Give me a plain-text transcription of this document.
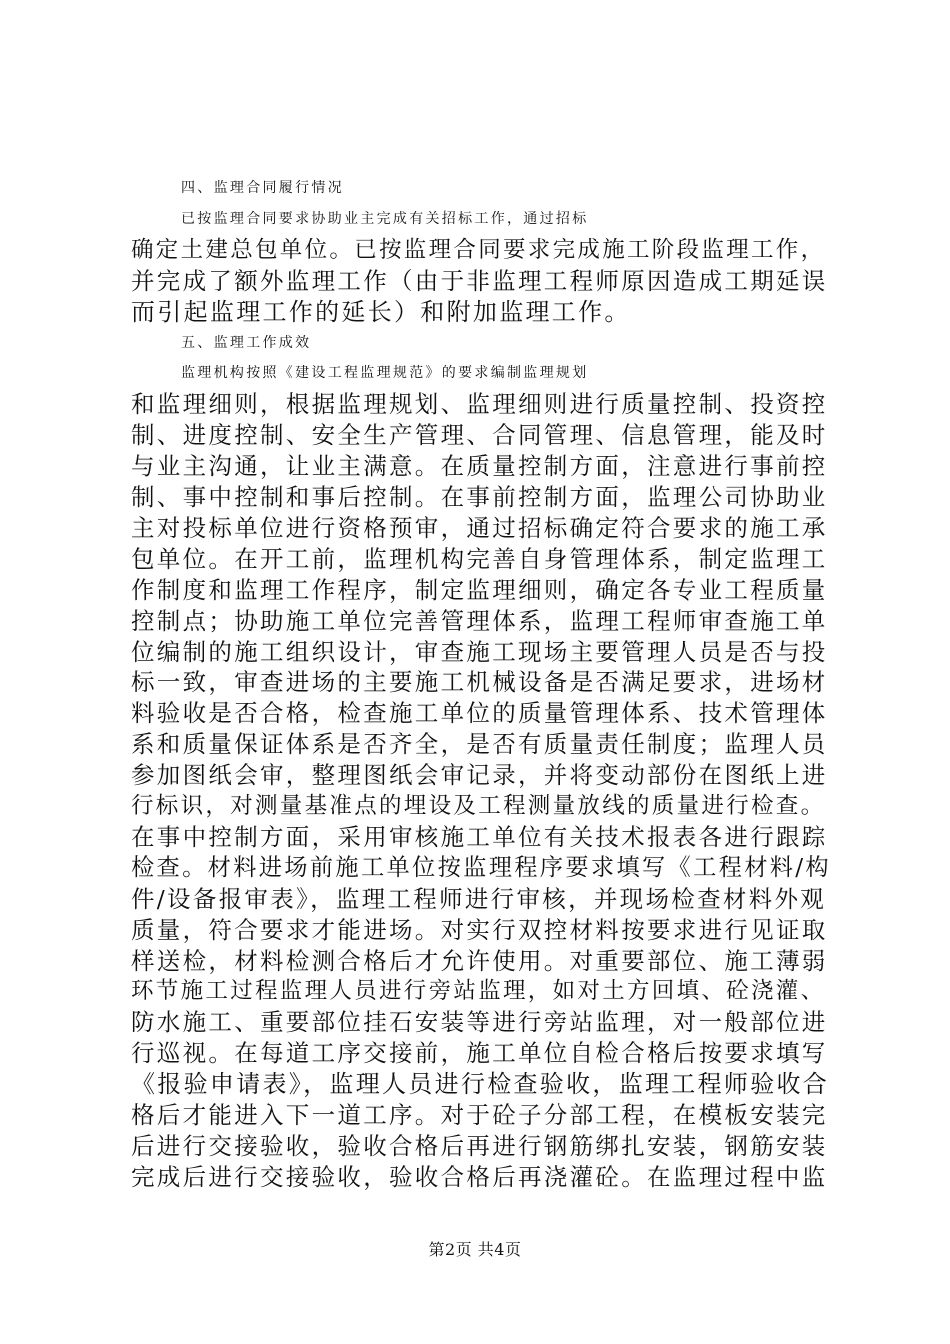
四、监理合同履行情况
已按监理合同要求协助业主完成有关招标工作，通过招标
确定土建总包单位。已按监理合同要求完成施工阶段监理工作，
并完成了额外监理工作（由于非监理工程师原因造成工期延误
而引起监理工作的延长）和附加监理工作。
五、监理工作成效
监理机构按照《建设工程监理规范》的要求编制监理规划
和监理细则，根据监理规划、监理细则进行质量控制、投资控
制、进度控制、安全生产管理、合同管理、信息管理，能及时
与业主沟通，让业主满意。在质量控制方面，注意进行事前控
制、事中控制和事后控制。在事前控制方面，监理公司协助业
主对投标单位进行资格预审，通过招标确定符合要求的施工承
包单位。在开工前，监理机构完善自身管理体系，制定监理工
作制度和监理工作程序，制定监理细则，确定各专业工程质量
控制点；协助施工单位完善管理体系，监理工程师审查施工单
位编制的施工组织设计，审查施工现场主要管理人员是否与投
标一致，审查进场的主要施工机械设备是否满足要求，进场材
料验收是否合格，检查施工单位的质量管理体系、技术管理体
系和质量保证体系是否齐全，是否有质量责任制度；监理人员
参加图纸会审，整理图纸会审记录，并将变动部份在图纸上进
行标识，对测量基准点的埋设及工程测量放线的质量进行检查。
在事中控制方面，采用审核施工单位有关技术报表各进行跟踪
检查。材料进场前施工单位按监理程序要求填写《工程材料/构
件/设备报审表》，监理工程师进行审核，并现场检查材料外观
质量，符合要求才能进场。对实行双控材料按要求进行见证取
样送检，材料检测合格后才允许使用。对重要部位、施工薄弱
环节施工过程监理人员进行旁站监理，如对土方回填、砼浇灌、
防水施工、重要部位挂石安装等进行旁站监理，对一般部位进
行巡视。在每道工序交接前，施工单位自检合格后按要求填写
《报验申请表》，监理人员进行检查验收，监理工程师验收合
格后才能进入下一道工序。对于砼子分部工程，在模板安装完
后进行交接验收，验收合格后再进行钢筋绑扎安装，钢筋安装
完成后进行交接验收，验收合格后再浇灌砼。在监理过程中监
第2页 共4页
